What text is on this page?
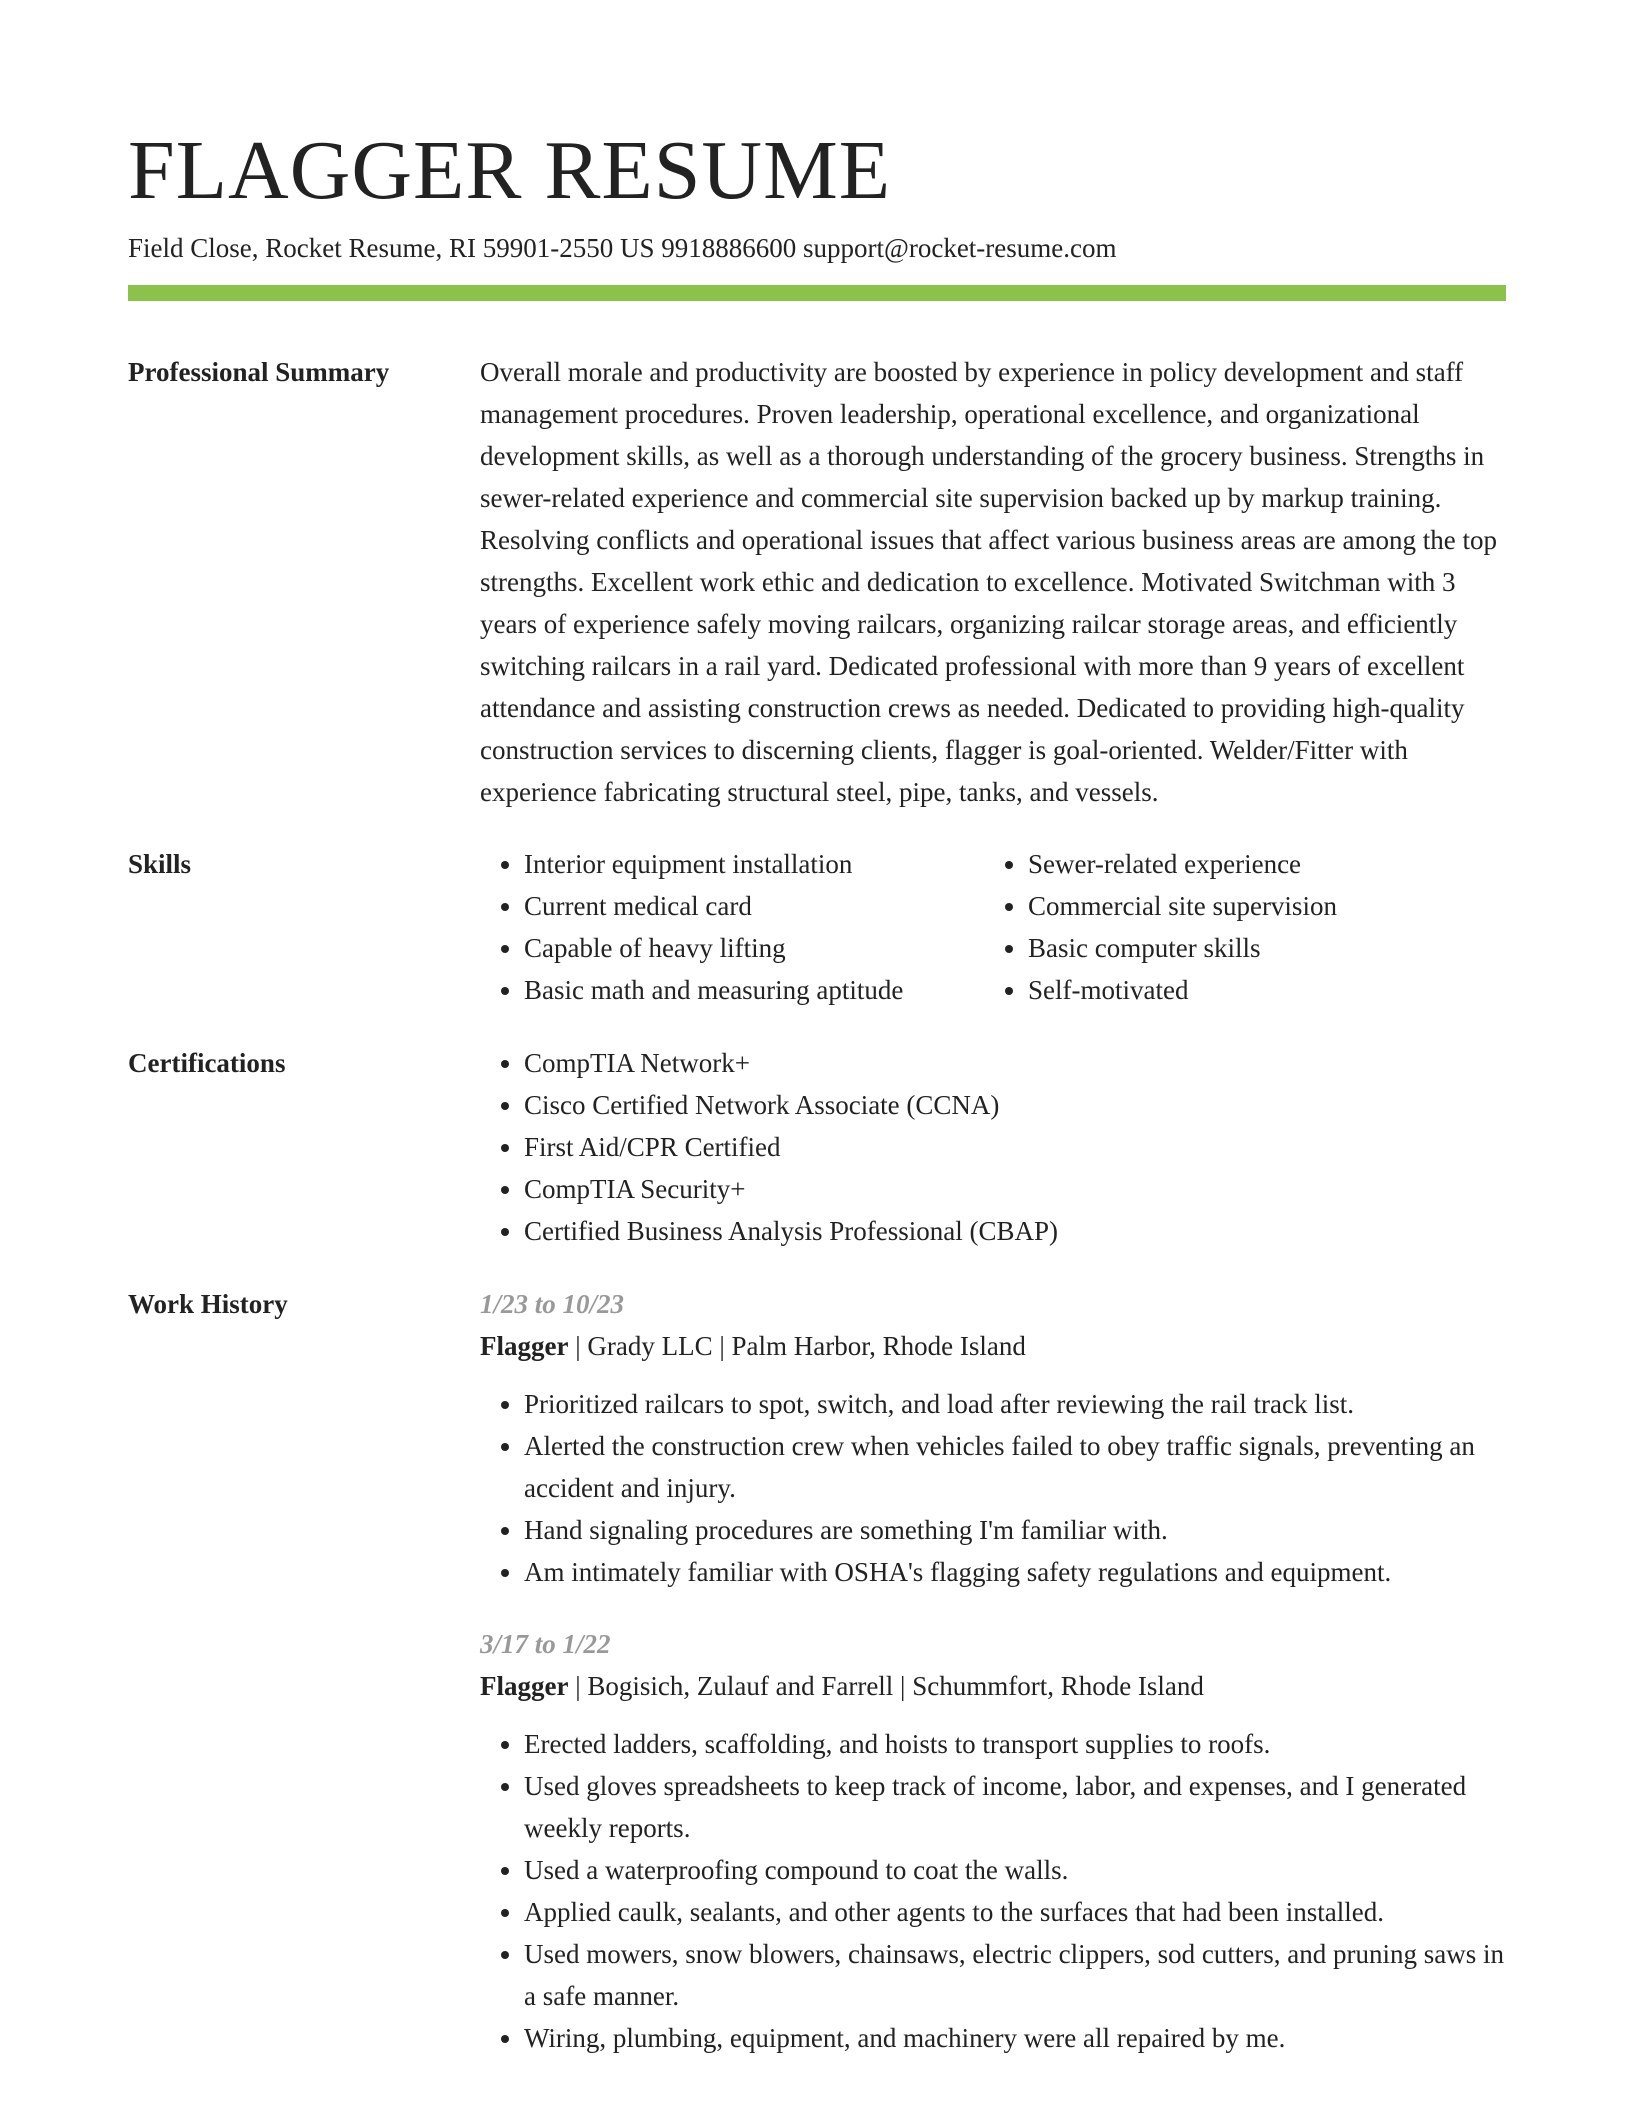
FLAGGER RESUME
Field Close, Rocket Resume, RI 59901-2550 US 9918886600 support@rocket-resume.com
Professional Summary	Overall morale and productivity are boosted by experience in policy development and staff management procedures. Proven leadership, operational excellence, and organizational development skills, as well as a thorough understanding of the grocery business. Strengths in sewer-related experience and commercial site supervision backed up by markup training. Resolving conflicts and operational issues that affect various business areas are among the top strengths. Excellent work ethic and dedication to excellence. Motivated Switchman with 3 years of experience safely moving railcars, organizing railcar storage areas, and efficiently switching railcars in a rail yard. Dedicated professional with more than 9 years of excellent attendance and assisting construction crews as needed. Dedicated to providing high-quality construction services to discerning clients, flagger is goal-oriented. Welder/Fitter with experience fabricating structural steel, pipe, tanks, and vessels.

Skills	• Interior equipment installation
• Current medical card
• Capable of heavy lifting
• Basic math and measuring aptitude
• Sewer-related experience
• Commercial site supervision
• Basic computer skills
• Self-motivated
Certifications	• CompTIA Network+
• Cisco Certified Network Associate (CCNA)
• First Aid/CPR Certified
• CompTIA Security+
• Certified Business Analysis Professional (CBAP)
Work History	1/23 to 10/23
Flagger | Grady LLC | Palm Harbor, Rhode Island
• Prioritized railcars to spot, switch, and load after reviewing the rail track list.
• Alerted the construction crew when vehicles failed to obey traffic signals, preventing an accident and injury.
• Hand signaling procedures are something I'm familiar with.
• Am intimately familiar with OSHA's flagging safety regulations and equipment.
3/17 to 1/22
Flagger | Bogisich, Zulauf and Farrell | Schummfort, Rhode Island
• Erected ladders, scaffolding, and hoists to transport supplies to roofs.
• Used gloves spreadsheets to keep track of income, labor, and expenses, and I generated weekly reports.
• Used a waterproofing compound to coat the walls.
• Applied caulk, sealants, and other agents to the surfaces that had been installed.
• Used mowers, snow blowers, chainsaws, electric clippers, sod cutters, and pruning saws in a safe manner.
• Wiring, plumbing, equipment, and machinery were all repaired by me.
